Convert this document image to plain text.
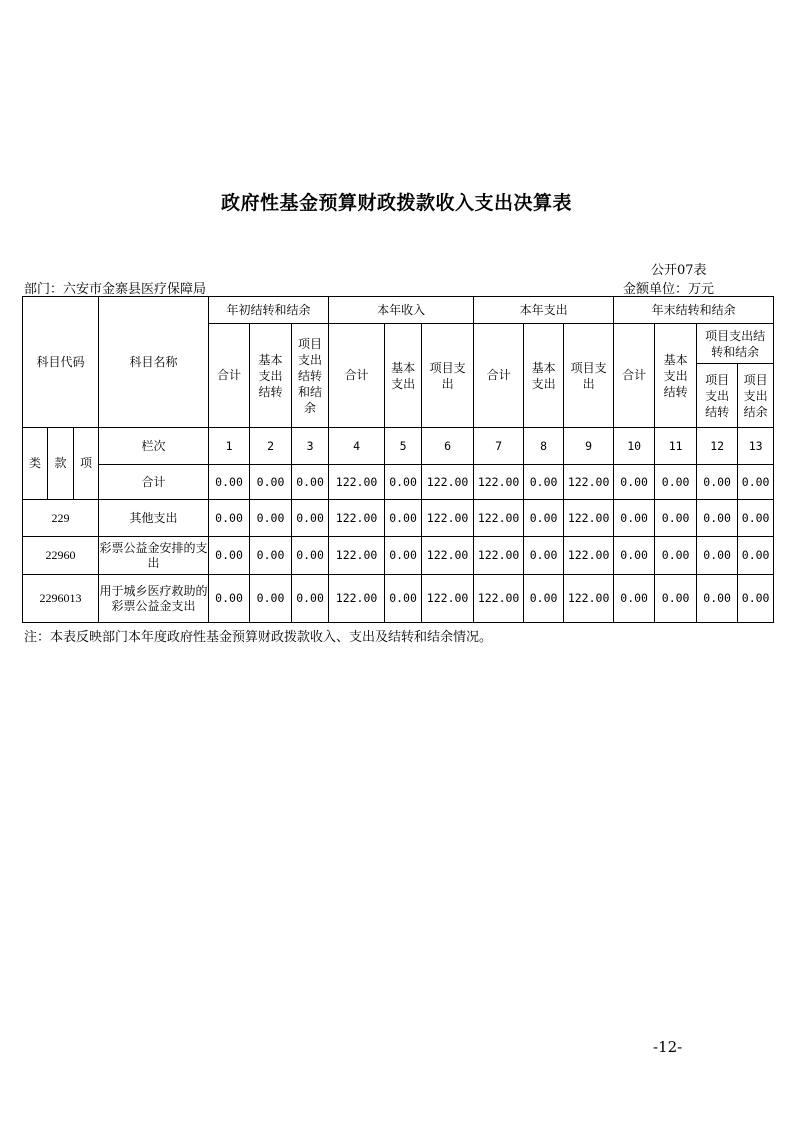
政府性基金预算财政拨款收入支出决算表
公开07表
部门：六安市金寨县医疗保障局	金额单位：万元
科目代码			科目名称	年初结转和结余			本年收入			本年支出			年末结转和结余			
				合计	基本支出结转	项目支出结转和结余	合计	基本支出	项目支出	合计	基本支出	项目支出	合计	基本支出结转	项目支出结转和结余	
															项目支出结转	项目支出结余
类	款	项	栏次	1	2	3	4	5	6	7	8	9	10	11	12	13
			合计	0.00	0.00	0.00	122.00	0.00	122.00	122.00	0.00	122.00	0.00	0.00	0.00	0.00
229			其他支出	0.00	0.00	0.00	122.00	0.00	122.00	122.00	0.00	122.00	0.00	0.00	0.00	0.00
22960			彩票公益金安排的支出	0.00	0.00	0.00	122.00	0.00	122.00	122.00	0.00	122.00	0.00	0.00	0.00	0.00
2296013			用于城乡医疗救助的彩票公益金支出	0.00	0.00	0.00	122.00	0.00	122.00	122.00	0.00	122.00	0.00	0.00	0.00	0.00
注：本表反映部门本年度政府性基金预算财政拨款收入、支出及结转和结余情况。
-12-
